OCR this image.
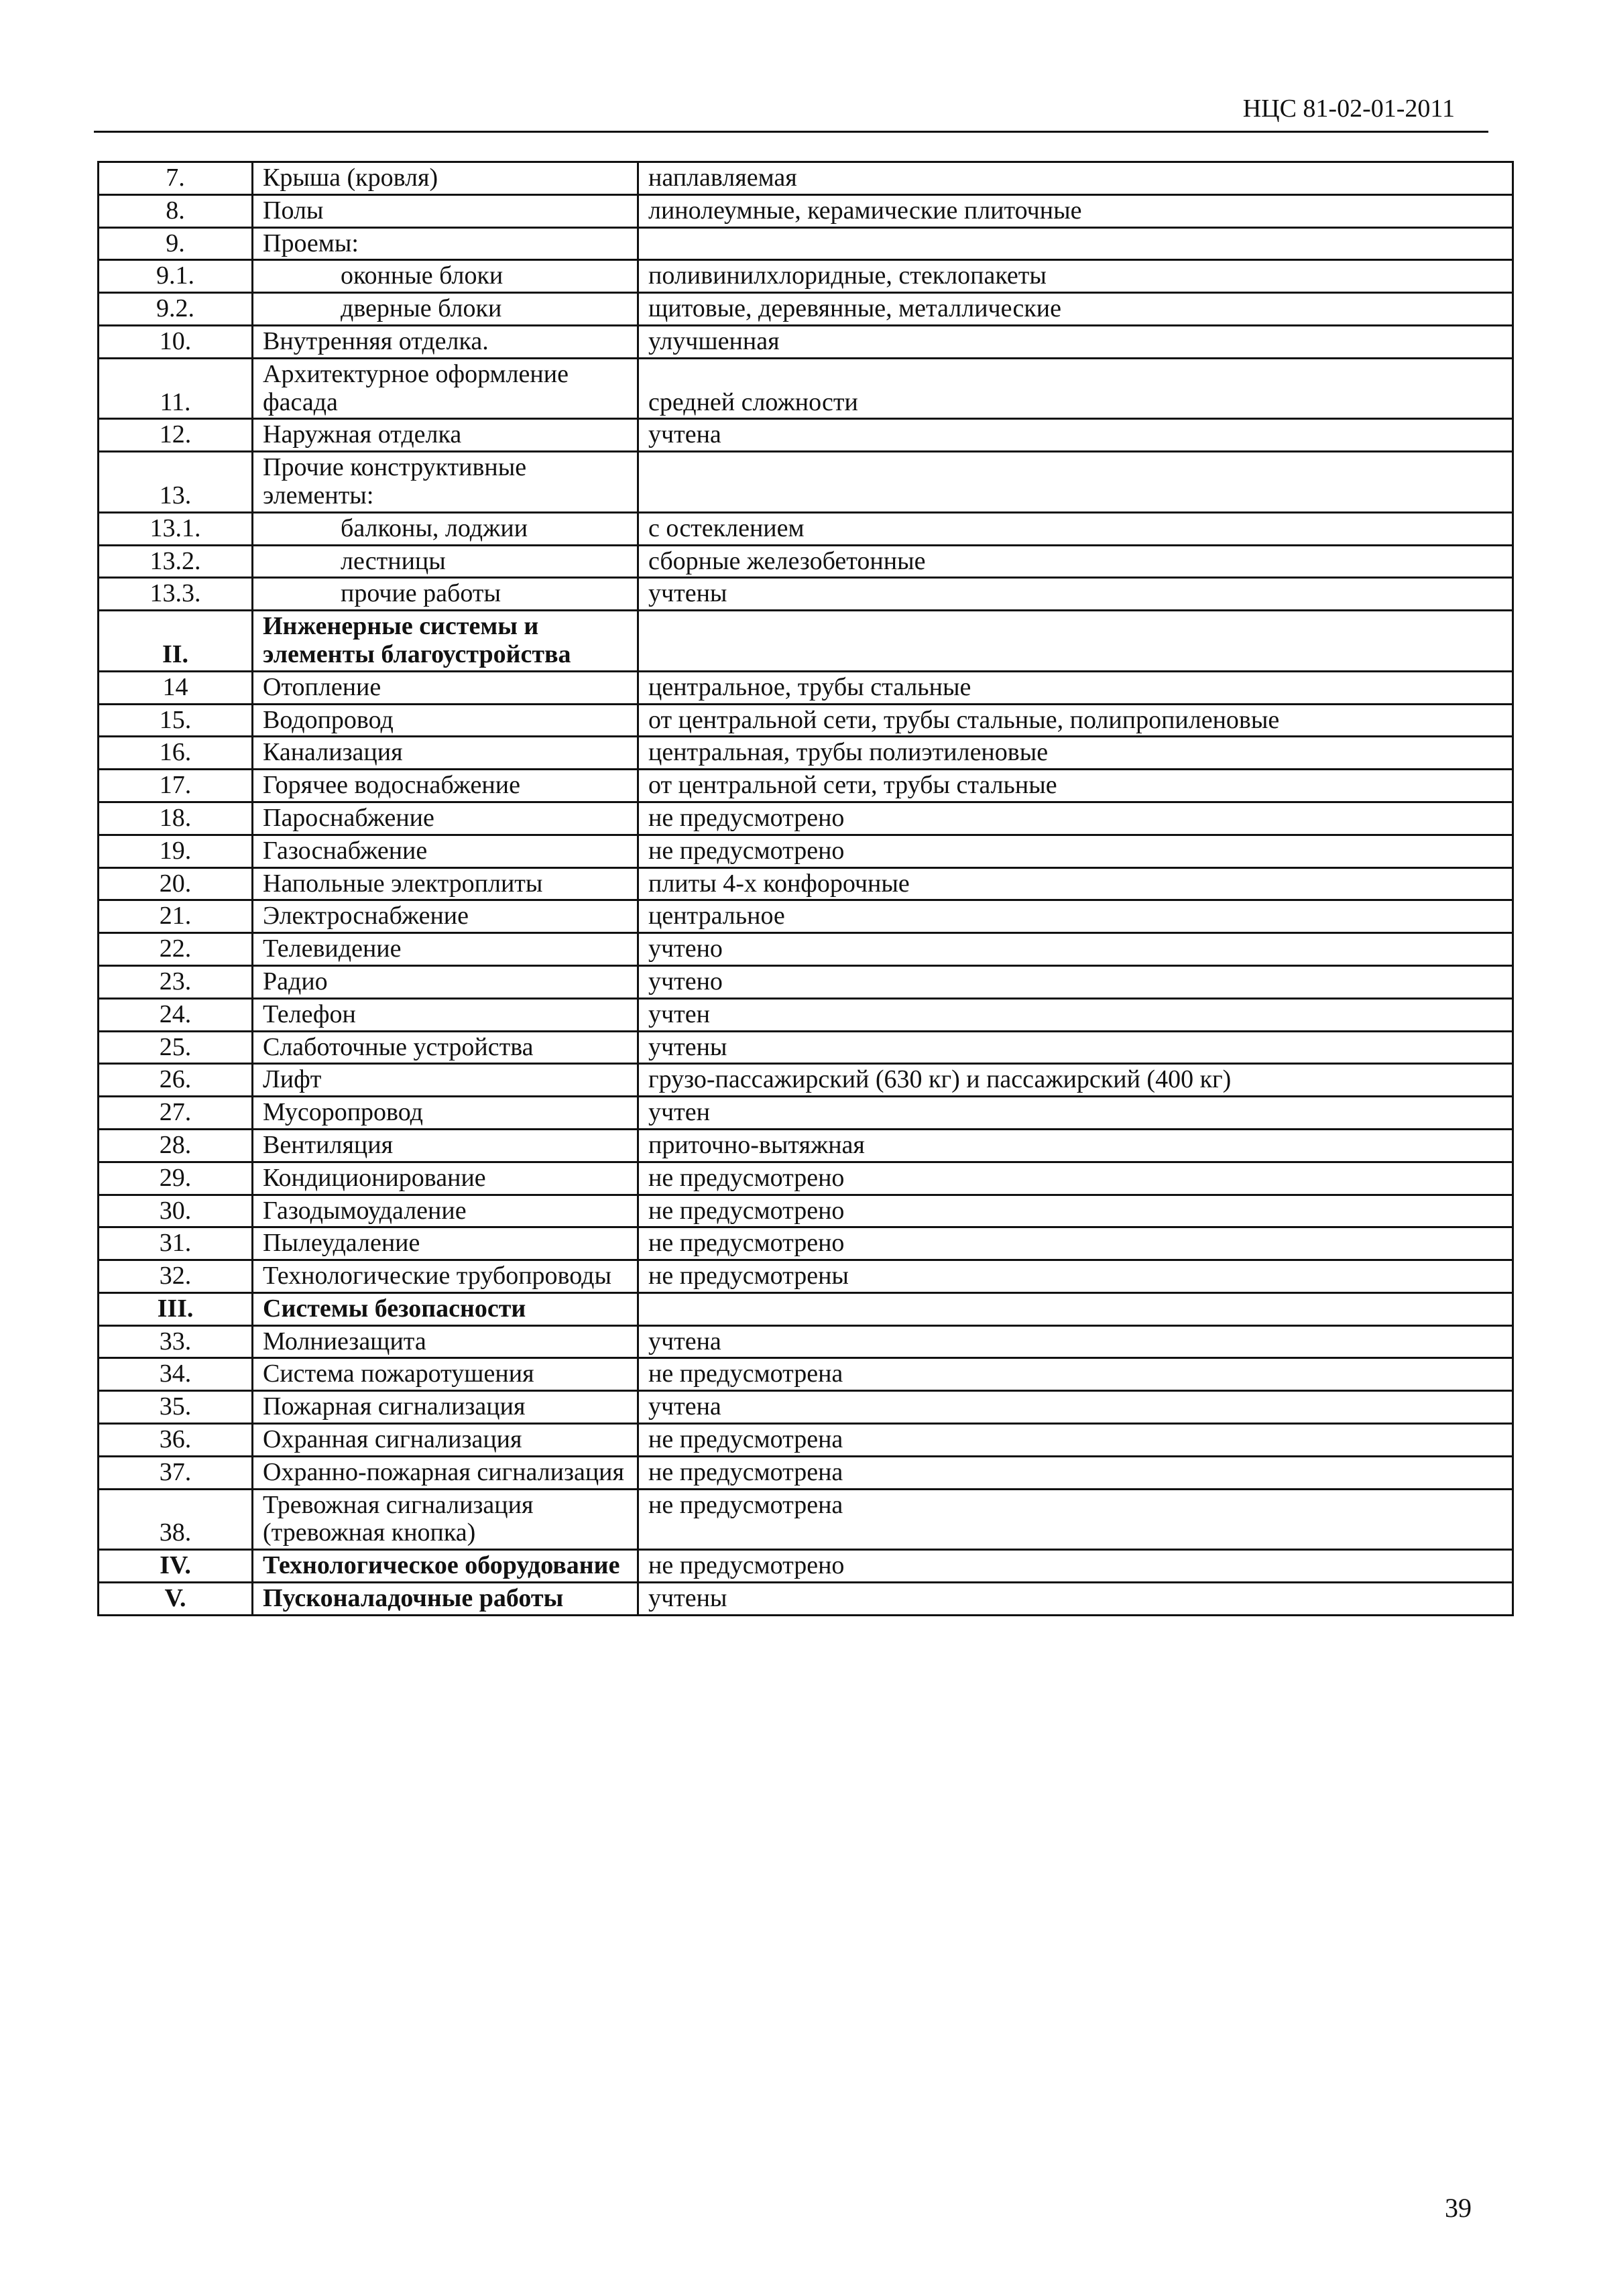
НЦС 81-02-01-2011
7.	Крыша (кровля)	наплавляемая
8.	Полы	линолеумные, керамические плиточные
9.	Проемы:	
9.1.	оконные блоки	поливинилхлоридные, стеклопакеты
9.2.	дверные блоки	щитовые, деревянные, металлические
10.	Внутренняя отделка.	улучшенная
11.	Архитектурное оформление фасада	средней сложности
12.	Наружная отделка	учтена
13.	Прочие конструктивные элементы:	
13.1.	балконы, лоджии	с остеклением
13.2.	лестницы	сборные железобетонные
13.3.	прочие работы	учтены
II.	Инженерные системы и элементы благоустройства	
14	Отопление	центральное, трубы стальные
15.	Водопровод	от центральной сети, трубы стальные, полипропиленовые
16.	Канализация	центральная, трубы полиэтиленовые
17.	Горячее водоснабжение	от центральной сети, трубы стальные
18.	Пароснабжение	не предусмотрено
19.	Газоснабжение	не предусмотрено
20.	Напольные электроплиты	плиты 4-х конфорочные
21.	Электроснабжение	центральное
22.	Телевидение	учтено
23.	Радио	учтено
24.	Телефон	учтен
25.	Слаботочные устройства	учтены
26.	Лифт	грузо-пассажирский (630 кг) и пассажирский (400 кг)
27.	Мусоропровод	учтен
28.	Вентиляция	приточно-вытяжная
29.	Кондиционирование	не предусмотрено
30.	Газодымоудаление	не предусмотрено
31.	Пылеудаление	не предусмотрено
32.	Технологические трубопроводы	не предусмотрены
III.	Системы безопасности	
33.	Молниезащита	учтена
34.	Система пожаротушения	не предусмотрена
35.	Пожарная сигнализация	учтена
36.	Охранная сигнализация	не предусмотрена
37.	Охранно-пожарная сигнализация	не предусмотрена
38.	Тревожная сигнализация (тревожная кнопка)	не предусмотрена
IV.	Технологическое оборудование	не предусмотрено
V.	Пусконаладочные работы	учтены
39
